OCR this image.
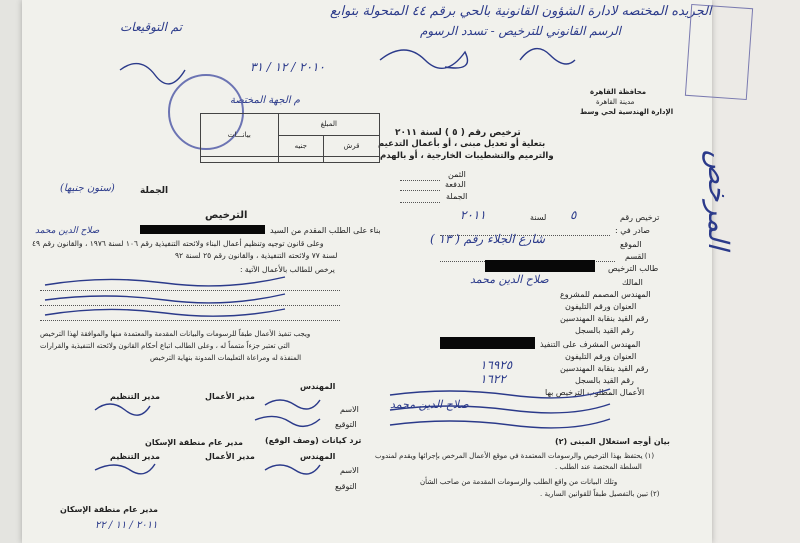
الجريده المختصه لادارة الشؤون القانونية بالحي برقم ٤٤ المتحولة بتوابع
الرسم القانوني للترخيص - تسدد الرسوم
تم التوقيعات
٢٠١٠ / ١٢ / ٣١
م الجهة المختصة
محافظة القاهرة
مدينة القاهرة
الإدارة الهندسية لحي وسط
ترخيص رقم ( ٥ ) لسنة ٢٠١١
بتعلية أو تعديل مبنى ، أو بأعمال التدعيم
والترميم والتشطيبات الخارجية ، أو بالهدم
الثمن
الدفعة
الجملة
ترخيص رقم
٥
لسنة
٢٠١١
صادر في :
الموقع
شارع الجلاء رقم ( ١٣ )
القسم
طالب الترخيص
المالك
صلاح الدين محمد
المهندس المصمم للمشروع
العنوان ورقم التليفون
رقم القيد بنقابة المهندسين
رقم القيد بالسجل
المهندس المشرف على التنفيذ
العنوان ورقم التليفون
رقم القيد بنقابة المهندسين
١٦٩٢٥
رقم القيد بالسجل
١٦٢٢
الأعمال المطلوب الترخيص بها
صلاح الدين محمد
بيان أوجه استغلال المبنى (٢)
(١) يحتفظ بهذا الترخيص والرسومات المعتمدة في موقع الأعمال المرخص بإجرائها ويقدم لمندوب
السلطة المختصة عند الطلب .
وتلك البيانات من واقع الطلب والرسومات المقدمة من صاحب الشأن
(٢) تبين بالتفصيل طبقاً للقوانين السارية .
المبلغ		بيانـــات
قرش	جنيه	

الجملة
(ستون جنيها)
الترخيص
بناء على الطلب المقدم من السيد
صلاح الدين محمد
وعلى قانون توجيه وتنظيم أعمال البناء ولائحته التنفيذية رقم ١٠٦ لسنة ١٩٧٦ ، والقانون رقم ٤٩
لسنة ٧٧ ولائحته التنفيذية ، والقانون رقم ٢٥ لسنة ٩٢
يرخص للطالب بالأعمال الآتية :
ويجب تنفيذ الأعمال طبقاً للرسومات والبيانات المقدمة والمعتمدة منها والموافقة لهذا الترخيص
التي تعتبر جزءاً متمماً له ، وعلى الطالب اتباع أحكام القانون ولائحته التنفيذية والقرارات
المنفذة له ومراعاة التعليمات المدونة بنهاية الترخيص
المهندس
مدير الأعمال
مدير التنظيم
الاسم
التوقيع
مدير عام منطقة الإسكان	ترد كيانات (وصف الوقع)
المهندس
مدير الأعمال
مدير التنظيم
الاسم
التوقيع
مدير عام منطقة الإسكان
٢٠١١ / ١١ / ٢٢
المرخص
